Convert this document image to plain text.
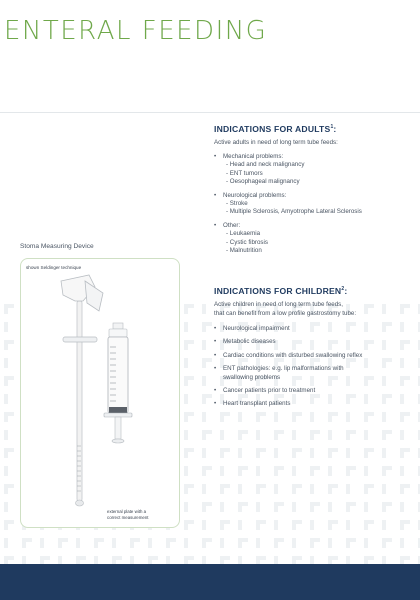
ENTERAL FEEDING
INDICATIONS FOR ADULTS$^1$:
Active adults in need of long term tube feeds:
• Mechanical problems:
- Head and neck malignancy
- ENT tumors
- Oesophageal malignancy
• Neurological problems:
- Stroke
- Multiple Sclerosis, Amyotrophe Lateral Sclerosis
• Other:
- Leukaemia
- Cystic fibrosis
- Malnutrition
Stoma Measuring Device
shown Seldinger technique
external plate with a
correct measurement
INDICATIONS FOR CHILDREN$^2$:
Active children in need of long term tube feeds,
that can benefit from a low profile gastrostomy tube:
• Neurological impairment
• Metabolic diseases
• Cardiac conditions with disturbed swallowing reflex
• ENT pathologies: e.g. lip malformations with swallowing problems
• Cancer patients prior to treatment
• Heart transplant patients
